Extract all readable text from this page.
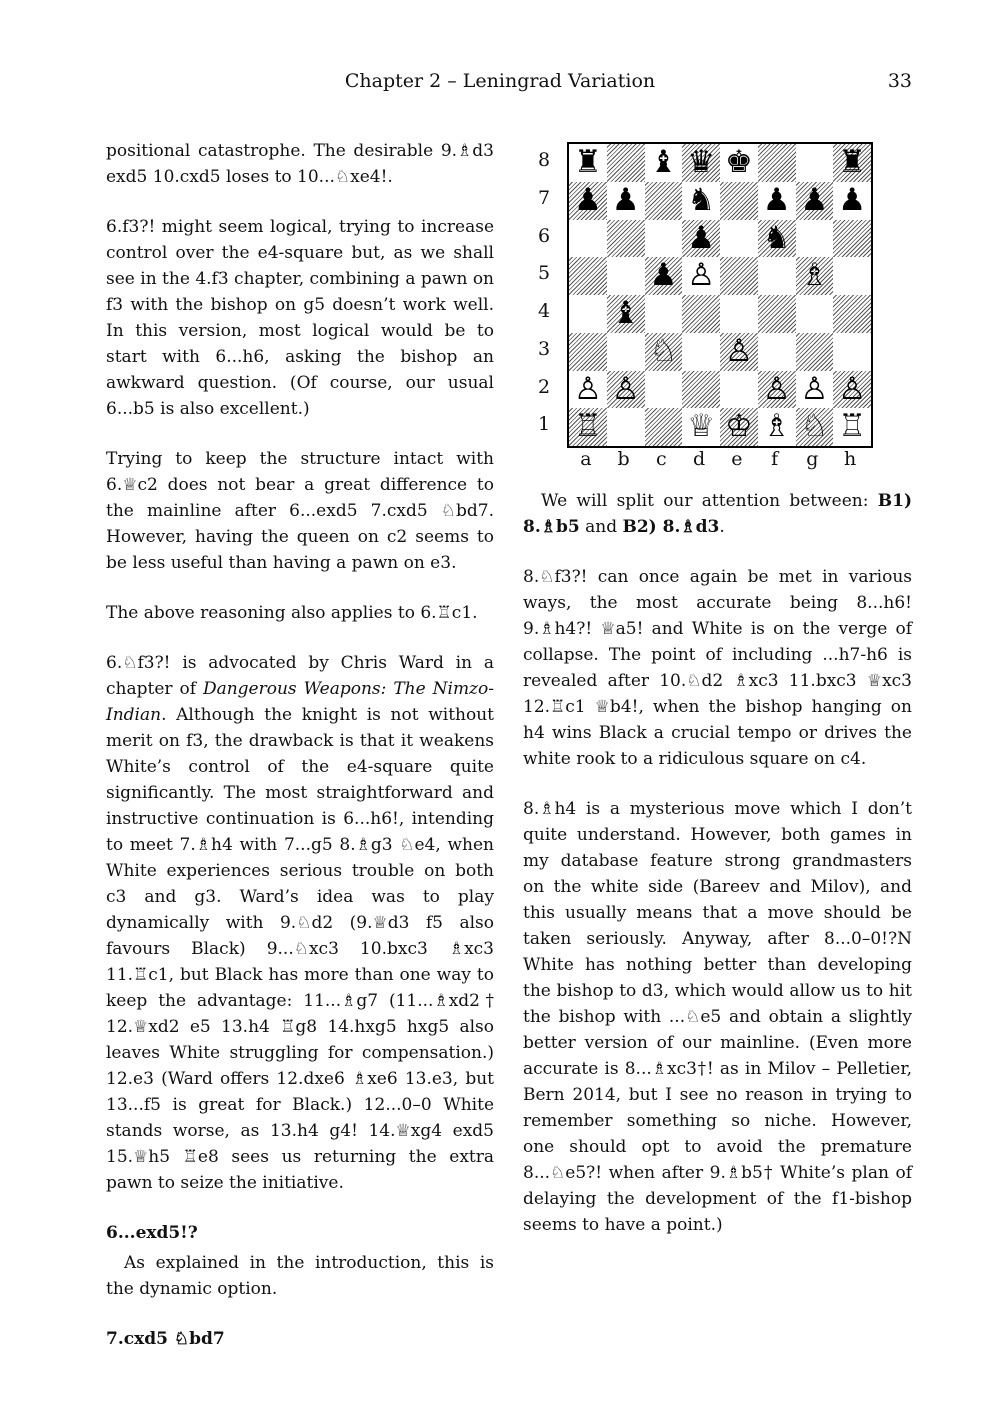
Chapter 2 – Leningrad Variation	33

positional catastrophe. The desirable 9.♗d3 exd5 10.cxd5 loses to 10...♘xe4!.

6.f3?! might seem logical, trying to increase control over the e4-square but, as we shall see in the 4.f3 chapter, combining a pawn on f3 with the bishop on g5 doesn’t work well. In this version, most logical would be to start with 6...h6, asking the bishop an awkward question. (Of course, our usual 6...b5 is also excellent.)

Trying to keep the structure intact with 6.♕c2 does not bear a great difference to the mainline after 6...exd5 7.cxd5 ♘bd7. However, having the queen on c2 seems to be less useful than having a pawn on e3.

The above reasoning also applies to 6.♖c1.

6.♘f3?! is advocated by Chris Ward in a chapter of Dangerous Weapons: The Nimzo-Indian. Although the knight is not without merit on f3, the drawback is that it weakens White’s control of the e4-square quite significantly. The most straightforward and instructive continuation is 6...h6!, intending to meet 7.♗h4 with 7...g5 8.♗g3 ♘e4, when White experiences serious trouble on both c3 and g3. Ward’s idea was to play dynamically with 9.♘d2 (9.♕d3 f5 also favours Black) 9...♘xc3 10.bxc3 ♗xc3 11.♖c1, but Black has more than one way to keep the advantage: 11...♗g7 (11...♗xd2† 12.♕xd2 e5 13.h4 ♖g8 14.hxg5 hxg5 also leaves White struggling for compensation.) 12.e3 (Ward offers 12.dxe6 ♗xe6 13.e3, but 13...f5 is great for Black.) 12...0–0 White stands worse, as 13.h4 g4! 14.♕xg4 exd5 15.♕h5 ♖e8 sees us returning the extra pawn to seize the initiative.

6...exd5!?

As explained in the introduction, this is the dynamic option.

7.cxd5 ♘bd7
8
7
6
5
4
3
2
1
♜ ♝ ♛ ♚	♜
♟ ♟ ♞ ♟ ♟ ♟
♟ ♞
♟ ♙	♗
♝
♘ ♙
♙ ♙	♙ ♙ ♙
♖	♕ ♔ ♗ ♘ ♖
a	b	c	d	e	f	g	h

We will split our attention between: B1) 8.♗b5 and B2) 8.♗d3.

8.♘f3?! can once again be met in various ways, the most accurate being 8...h6! 9.♗h4?! ♕a5! and White is on the verge of collapse. The point of including ...h7-h6 is revealed after 10.♘d2 ♗xc3 11.bxc3 ♕xc3 12.♖c1 ♕b4!, when the bishop hanging on h4 wins Black a crucial tempo or drives the white rook to a ridiculous square on c4.

8.♗h4 is a mysterious move which I don’t quite understand. However, both games in my database feature strong grandmasters on the white side (Bareev and Milov), and this usually means that a move should be taken seriously. Anyway, after 8...0–0!?N White has nothing better than developing the bishop to d3, which would allow us to hit the bishop with ...♘e5 and obtain a slightly better version of our mainline. (Even more accurate is 8...♗xc3†! as in Milov – Pelletier, Bern 2014, but I see no reason in trying to remember something so niche. However, one should opt to avoid the premature 8...♘e5?! when after 9.♗b5† White’s plan of delaying the development of the f1-bishop seems to have a point.)
